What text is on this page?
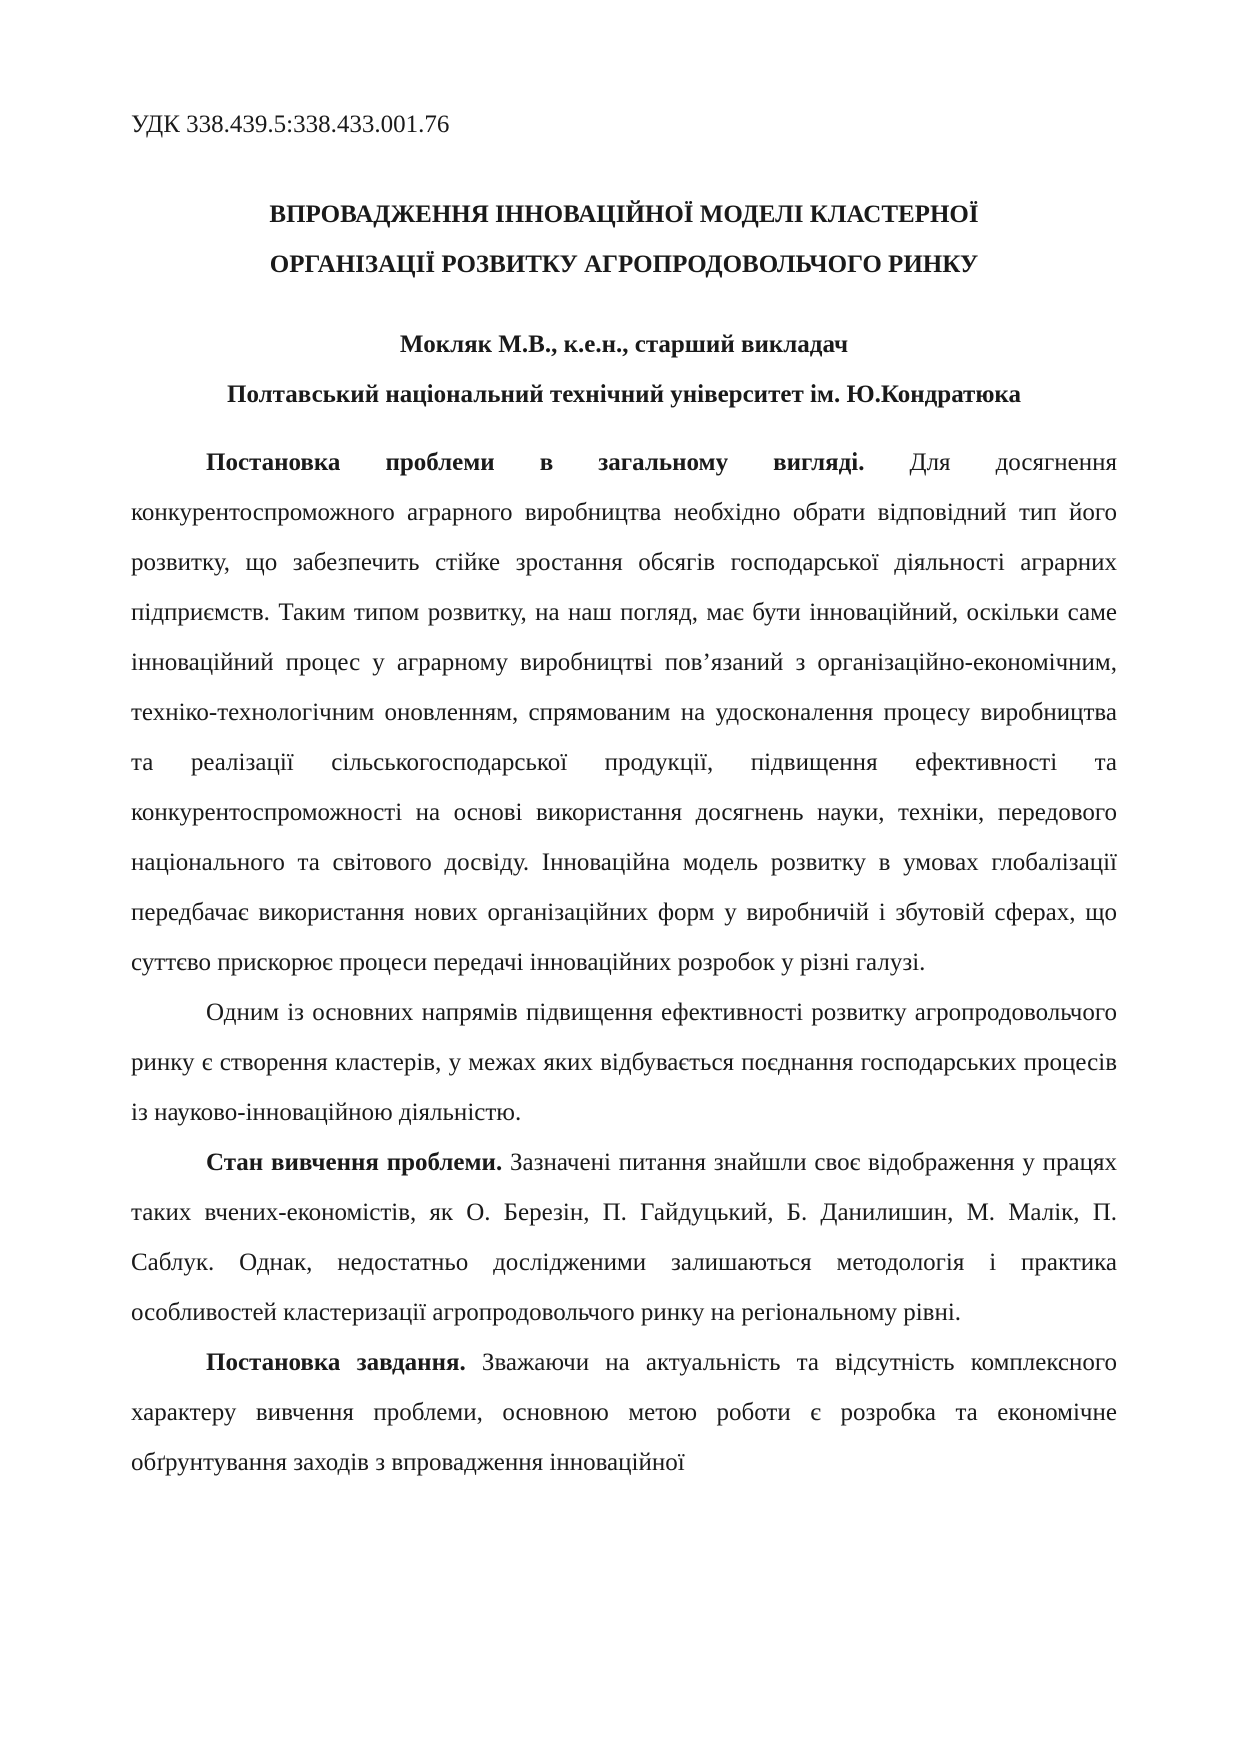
УДК 338.439.5:338.433.001.76

ВПРОВАДЖЕННЯ ІННОВАЦІЙНОЇ МОДЕЛІ КЛАСТЕРНОЇ
ОРГАНІЗАЦІЇ РОЗВИТКУ АГРОПРОДОВОЛЬЧОГО РИНКУ
Мокляк М.В., к.е.н., старший викладач
Полтавський національний технічний університет ім. Ю.Кондратюка

Постановка проблеми в загальному вигляді. Для досягнення конкурентоспроможного аграрного виробництва необхідно обрати відповідний тип його розвитку, що забезпечить стійке зростання обсягів господарської діяльності аграрних підприємств. Таким типом розвитку, на наш погляд, має бути інноваційний, оскільки саме інноваційний процес у аграрному виробництві пов’язаний з організаційно-економічним, техніко-технологічним оновленням, спрямованим на удосконалення процесу виробництва та реалізації сільськогосподарської продукції, підвищення ефективності та конкурентоспроможності на основі використання досягнень науки, техніки, передового національного та світового досвіду. Інноваційна модель розвитку в умовах глобалізації передбачає використання нових організаційних форм у виробничій і збутовій сферах, що суттєво прискорює процеси передачі інноваційних розробок у різні галузі.

Одним із основних напрямів підвищення ефективності розвитку агропродовольчого ринку є створення кластерів, у межах яких відбувається поєднання господарських процесів із науково-інноваційною діяльністю.

Стан вивчення проблеми. Зазначені питання знайшли своє відображення у працях таких вчених-економістів, як О. Березін, П. Гайдуцький, Б. Данилишин, М. Малік, П. Саблук. Однак, недостатньо дослідженими залишаються методологія і практика особливостей кластеризації агропродовольчого ринку на регіональному рівні.

Постановка завдання. Зважаючи на актуальність та відсутність комплексного характеру вивчення проблеми, основною метою роботи є розробка та економічне обґрунтування заходів з впровадження інноваційної
